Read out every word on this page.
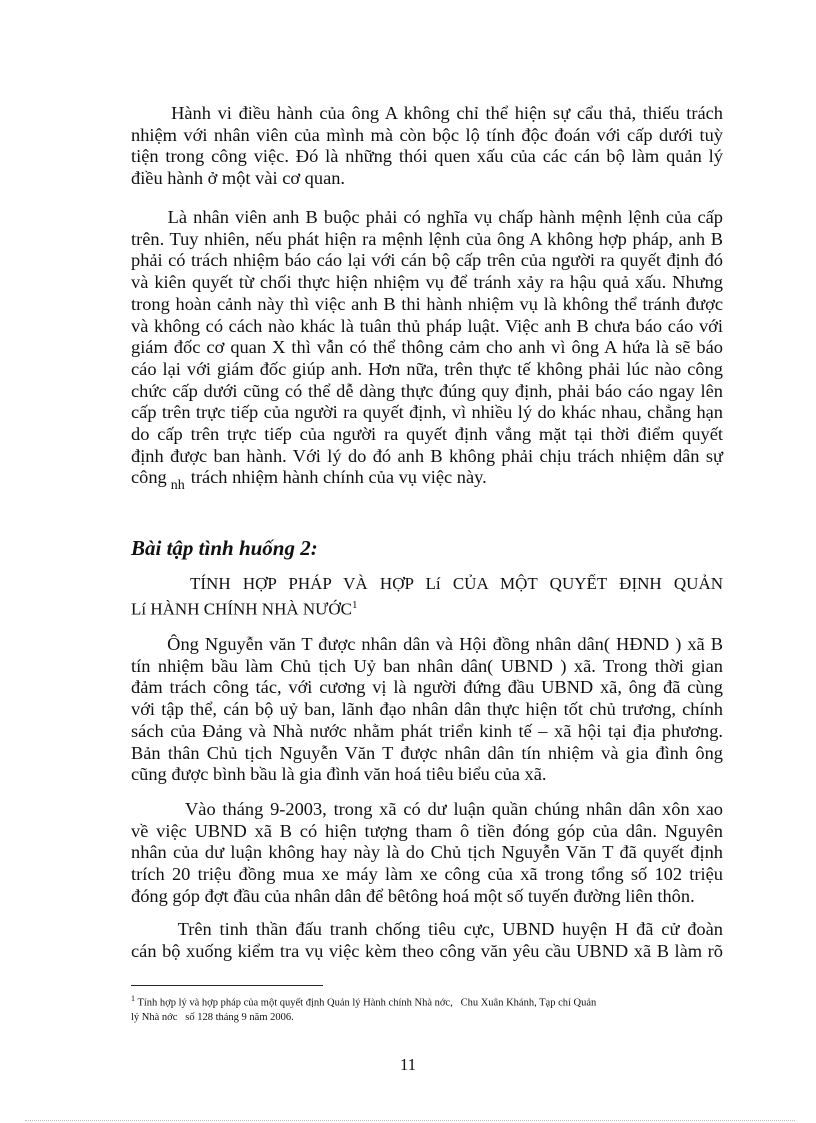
Hành vi điều hành của ông A không chỉ thể hiện sự cẩu thả, thiếu trách
nhiệm với nhân viên của mình mà còn bộc lộ tính độc đoán với cấp dưới tuỳ
tiện trong công việc. Đó là những thói quen xấu của các cán bộ làm quản lý
điều hành ở một vài cơ quan.
Là nhân viên anh B buộc phải có nghĩa vụ chấp hành mệnh lệnh của cấp
trên. Tuy nhiên, nếu phát hiện ra mệnh lệnh của ông A không hợp pháp, anh B
phải có trách nhiệm báo cáo lại với cán bộ cấp trên của người ra quyết định đó
và kiên quyết từ chối thực hiện nhiệm vụ để tránh xảy ra hậu quả xấu. Nhưng
trong hoàn cảnh này thì việc anh B thi hành nhiệm vụ là không thể tránh được
và không có cách nào khác là tuân thủ pháp luật. Việc anh B chưa báo cáo với
giám đốc cơ quan X thì vẫn có thể thông cảm cho anh vì ông A hứa là sẽ báo
cáo lại với giám đốc giúp anh. Hơn nữa, trên thực tế không phải lúc nào công
chức cấp dưới cũng có thể dễ dàng thực đúng quy định, phải báo cáo ngay lên
cấp trên trực tiếp của người ra quyết định, vì nhiều lý do khác nhau, chẳng hạn
do cấp trên trực tiếp của người ra quyết định vắng mặt tại thời điểm quyết
định được ban hành. Với lý do đó anh B không phải chịu trách nhiệm dân sự
công $_{nh}$ trách nhiệm hành chính của vụ việc này.
Bài tập tình huống 2:
TÍNH HỢP PHÁP VÀ HỢP Lí CỦA MỘT QUYẾT ĐỊNH QUẢN
Lí HÀNH CHÍNH NHÀ NƯỚC$^1$
Ông Nguyễn văn T được nhân dân và Hội đồng nhân dân( HĐND ) xã B
tín nhiệm bầu làm Chủ tịch Uỷ ban nhân dân( UBND ) xã. Trong thời gian
đảm trách công tác, với cương vị là người đứng đầu UBND xã, ông đã cùng
với tập thể, cán bộ uỷ ban, lãnh đạo nhân dân thực hiện tốt chủ trương, chính
sách của Đảng và Nhà nước nhằm phát triển kinh tế – xã hội tại địa phương.
Bản thân Chủ tịch Nguyễn Văn T được nhân dân tín nhiệm và gia đình ông
cũng được bình bầu là gia đình văn hoá tiêu biểu của xã.
Vào tháng 9-2003, trong xã có dư luận quần chúng nhân dân xôn xao
về việc UBND xã B có hiện tượng tham ô tiền đóng góp của dân. Nguyên
nhân của dư luận không hay này là do Chủ tịch Nguyễn Văn T đã quyết định
trích 20 triệu đồng mua xe máy làm xe công của xã trong tổng số 102 triệu
đóng góp đợt đầu của nhân dân để bêtông hoá một số tuyến đường liên thôn.
Trên tinh thần đấu tranh chống tiêu cực, UBND huyện H đã cử đoàn
cán bộ xuống kiểm tra vụ việc kèm theo công văn yêu cầu UBND xã B làm rõ
$^1$ Tính hợp lý và hợp pháp của một quyết định Quản lý Hành chính Nhà nớc,   Chu Xuân Khánh, Tạp chí Quản
lý Nhà nớc   số 128 tháng 9 năm 2006.
11
